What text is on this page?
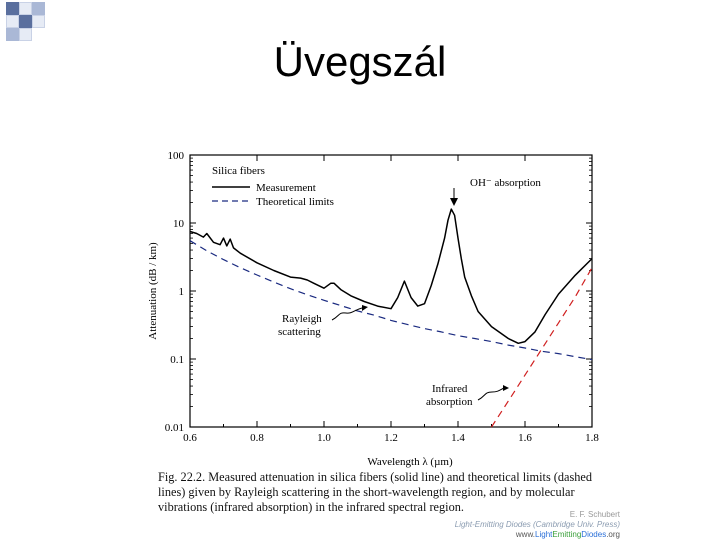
Üvegszál
0.6	0.8	1.0	1.2	1.4	1.6	1.8
0.01
0.1
1
10
100
Silica fibers
Measurement
Theoretical limits
OH⁻ absorption
Rayleigh
scattering
Infrared
absorption
Attenuation (dB / km)
Wavelength λ (µm)
Fig. 22.2. Measured attenuation in silica fibers (solid line) and theoretical limits (dashed lines) given by Rayleigh scattering in the short-wavelength region, and by molecular vibrations (infrared absorption) in the infrared spectral region.
E. F. Schubert
Light-Emitting Diodes (Cambridge Univ. Press)
www.LightEmittingDiodes.org
